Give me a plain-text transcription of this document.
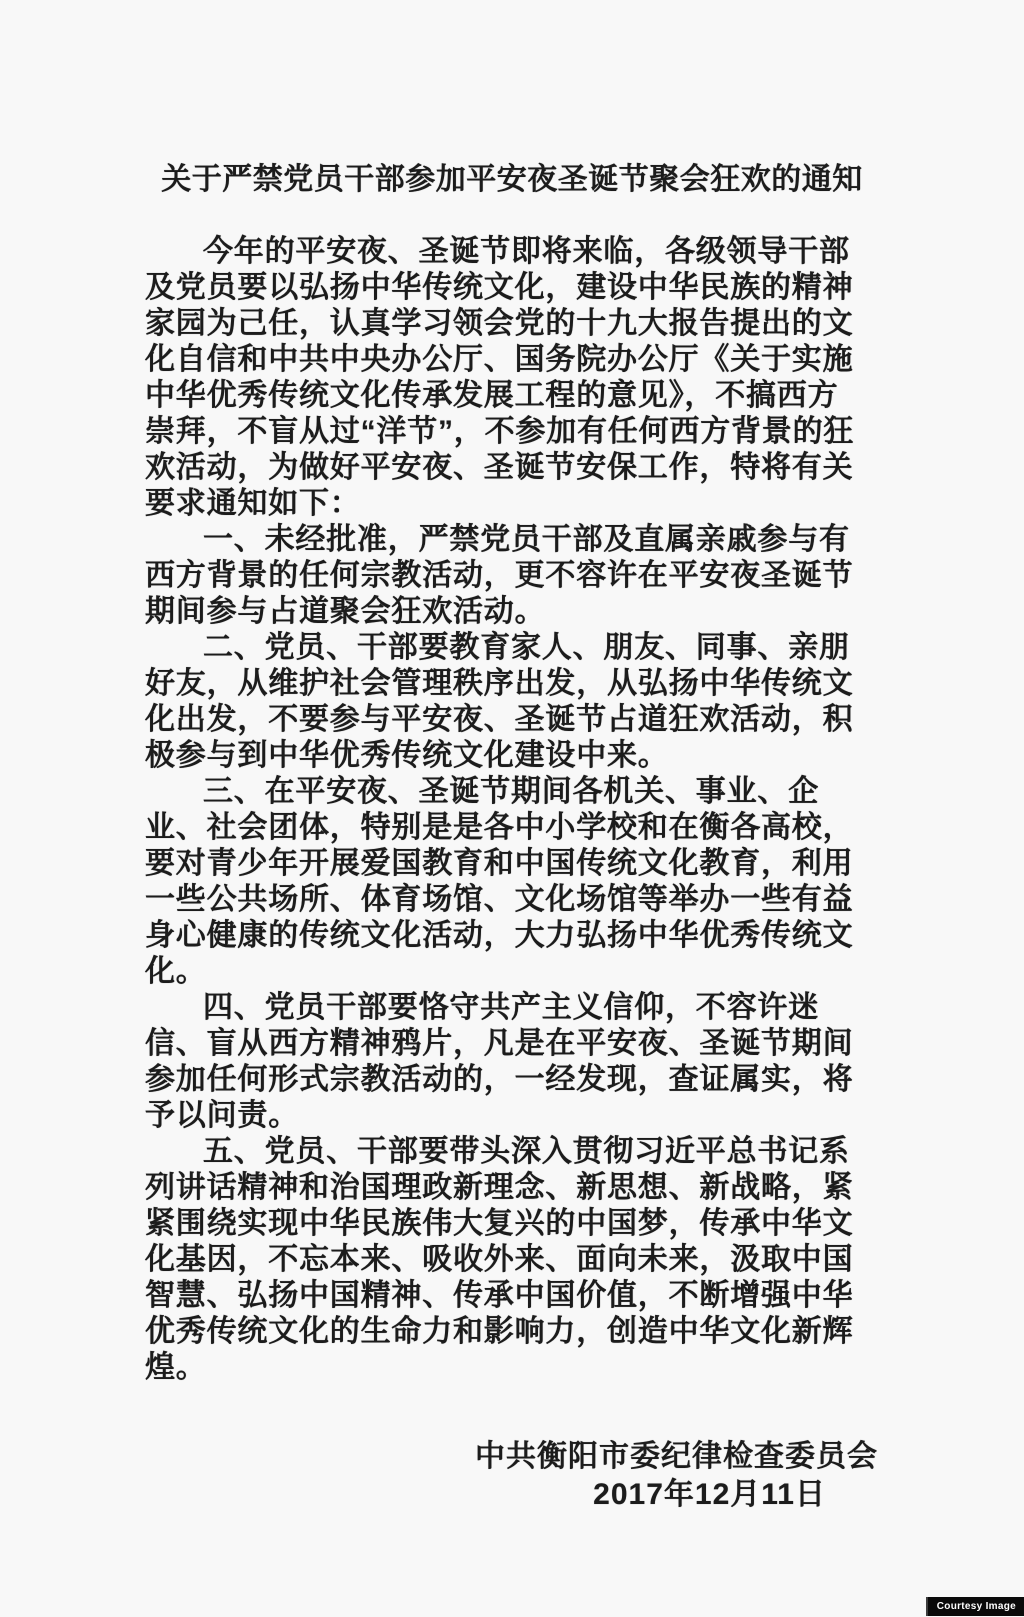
关于严禁党员干部参加平安夜圣诞节聚会狂欢的通知
今年的平安夜、圣诞节即将来临，各级领导干部
及党员要以弘扬中华传统文化，建设中华民族的精神
家园为己任，认真学习领会党的十九大报告提出的文
化自信和中共中央办公厅、国务院办公厅《关于实施
中华优秀传统文化传承发展工程的意见》，不搞西方
崇拜，不盲从过“洋节”，不参加有任何西方背景的狂
欢活动，为做好平安夜、圣诞节安保工作，特将有关
要求通知如下：
一、未经批准，严禁党员干部及直属亲戚参与有
西方背景的任何宗教活动，更不容许在平安夜圣诞节
期间参与占道聚会狂欢活动。
二、党员、干部要教育家人、朋友、同事、亲朋
好友，从维护社会管理秩序出发，从弘扬中华传统文
化出发，不要参与平安夜、圣诞节占道狂欢活动，积
极参与到中华优秀传统文化建设中来。
三、在平安夜、圣诞节期间各机关、事业、企
业、社会团体，特别是是各中小学校和在衡各高校，
要对青少年开展爱国教育和中国传统文化教育，利用
一些公共场所、体育场馆、文化场馆等举办一些有益
身心健康的传统文化活动，大力弘扬中华优秀传统文
化。
四、党员干部要恪守共产主义信仰，不容许迷
信、盲从西方精神鸦片，凡是在平安夜、圣诞节期间
参加任何形式宗教活动的，一经发现，查证属实，将
予以问责。
五、党员、干部要带头深入贯彻习近平总书记系
列讲话精神和治国理政新理念、新思想、新战略，紧
紧围绕实现中华民族伟大复兴的中国梦，传承中华文
化基因，不忘本来、吸收外来、面向未来，汲取中国
智慧、弘扬中国精神、传承中国价值，不断增强中华
优秀传统文化的生命力和影响力，创造中华文化新辉
煌。
中共衡阳市委纪律检查委员会
2017年12月11日
Courtesy Image
